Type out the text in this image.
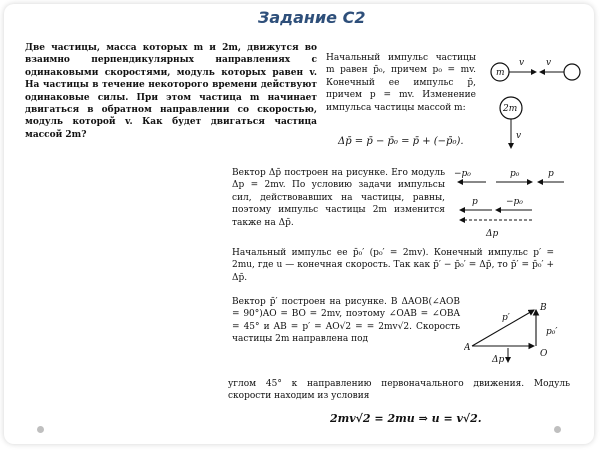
Задание С2
Две частицы, масса которых m и 2m, движутся во взаимно перпендикулярных направлениях с одинаковыми скоростями, модуль которых равен v. На частицы в течение некоторого времени действуют одинаковые силы. При этом частица m начинает двигаться в обратном направлении со скоростью, модуль которой v. Как будет двигаться частица массой 2m?
Начальный импульс частицы m равен p̄₀, причем p₀ = mv. Конечный ее импульс p̄, причем p = mv. Изменение импульса частицы массой m:
Δp̄ = p̄ − p̄₀ = p̄ + (−p̄₀).
m
v v
2m
v
Вектор Δp̄ построен на рисунке. Его модуль Δp = 2mv. По условию задачи импульсы сил, действовавших на частицы, равны, поэтому импульс частицы 2m изменится также на Δp̄.
−p₀	p₀	p
p	−p₀
Δp
Начальный импульс ее p̄₀′ (p₀′ = 2mv). Конечный импульс p′ = 2mu, где u — конечная скорость. Так как p̄′ − p̄₀′ = Δp̄, то p̄′ = p̄₀′ + Δp̄.
Вектор p̄′ построен на рисунке. В ΔAOB(∠AOB = 90°)AO = BO = 2mv, поэтому ∠OAB = ∠OBA = 45° и AB = p′ = AO√2 = = 2mv√2. Скорость частицы 2m направлена под
A
B
O
p′
p₀′
Δp
углом 45° к направлению первоначального движения. Модуль скорости находим из условия
2mv√2 = 2mu ⇒ u = v√2.
